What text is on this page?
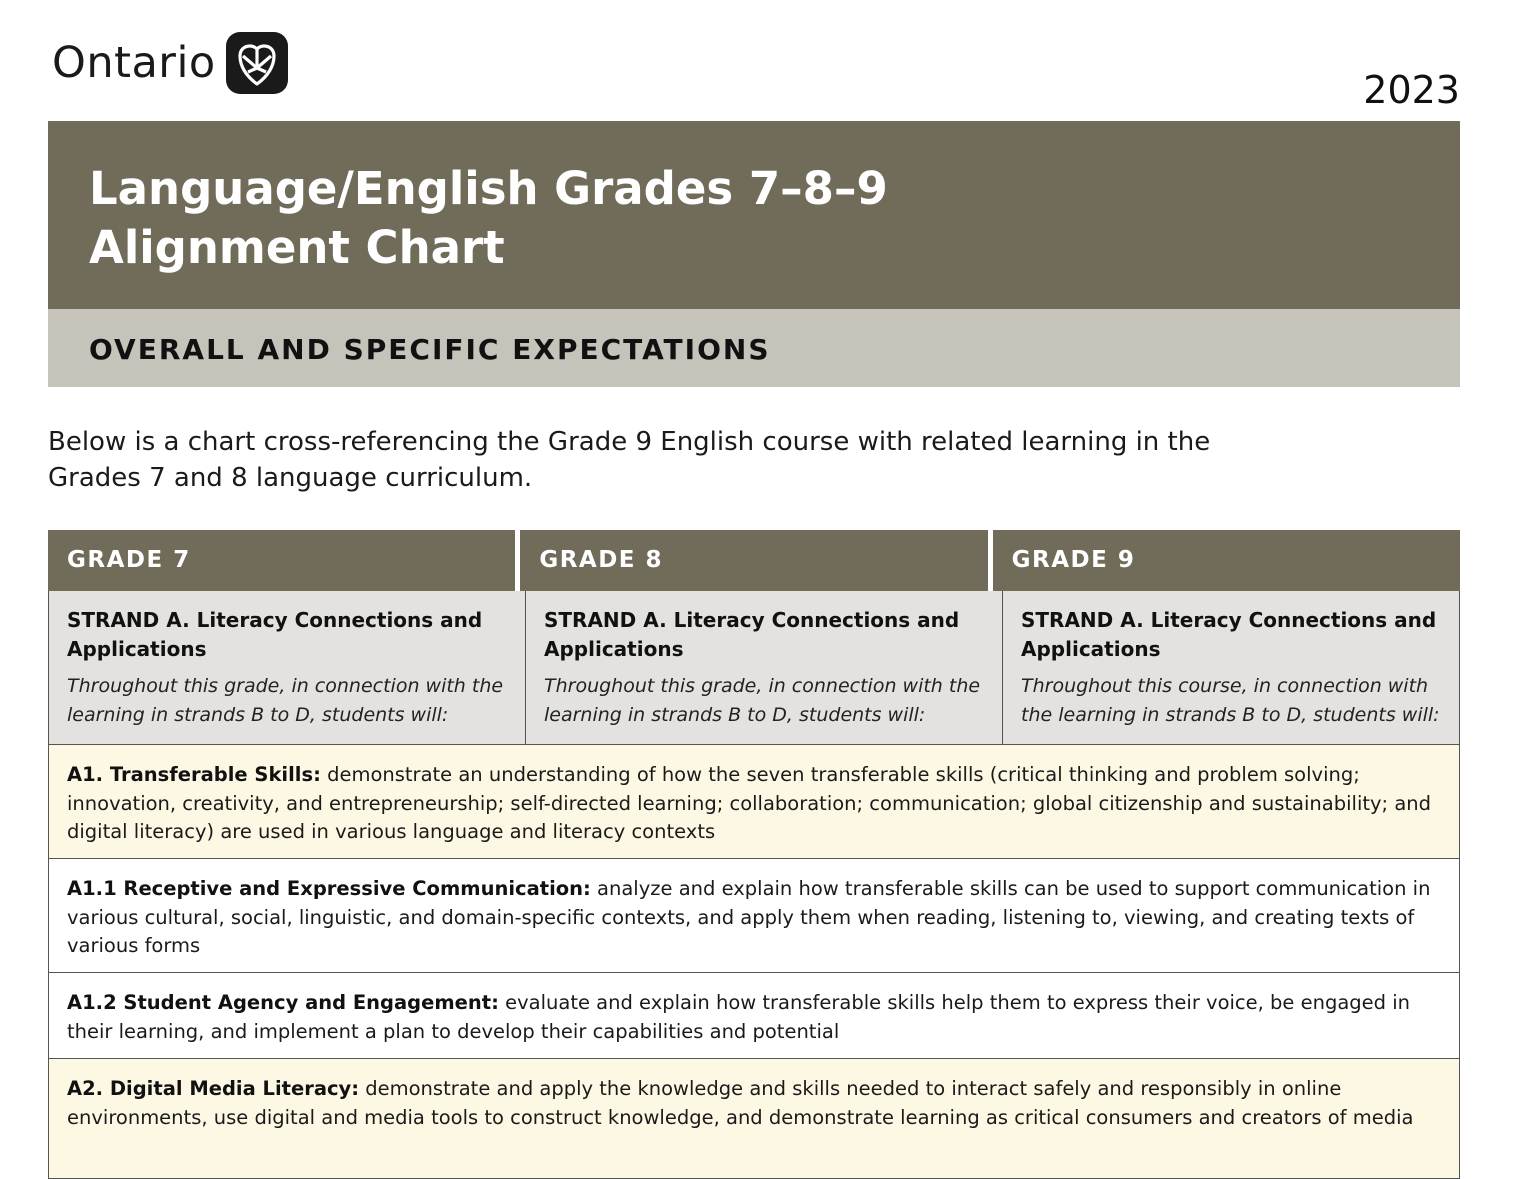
Ontario
2023
Language/English Grades 7–8–9
Alignment Chart
OVERALL AND SPECIFIC EXPECTATIONS
Below is a chart cross-referencing the Grade 9 English course with related learning in the
Grades 7 and 8 language curriculum.
GRADE 7	GRADE 8	GRADE 9
STRAND A. Literacy Connections and Applications
Throughout this grade, in connection with the learning in strands B to D, students will:
STRAND A. Literacy Connections and Applications
Throughout this grade, in connection with the learning in strands B to D, students will:
STRAND A. Literacy Connections and Applications
Throughout this course, in connection with the learning in strands B to D, students will:
A1. Transferable Skills: demonstrate an understanding of how the seven transferable skills (critical thinking and problem solving; innovation, creativity, and entrepreneurship; self-directed learning; collaboration; communication; global citizenship and sustainability; and digital literacy) are used in various language and literacy contexts
A1.1 Receptive and Expressive Communication: analyze and explain how transferable skills can be used to support communication in various cultural, social, linguistic, and domain-specific contexts, and apply them when reading, listening to, viewing, and creating texts of various forms
A1.2 Student Agency and Engagement: evaluate and explain how transferable skills help them to express their voice, be engaged in their learning, and implement a plan to develop their capabilities and potential
A2. Digital Media Literacy: demonstrate and apply the knowledge and skills needed to interact safely and responsibly in online environments, use digital and media tools to construct knowledge, and demonstrate learning as critical consumers and creators of media
